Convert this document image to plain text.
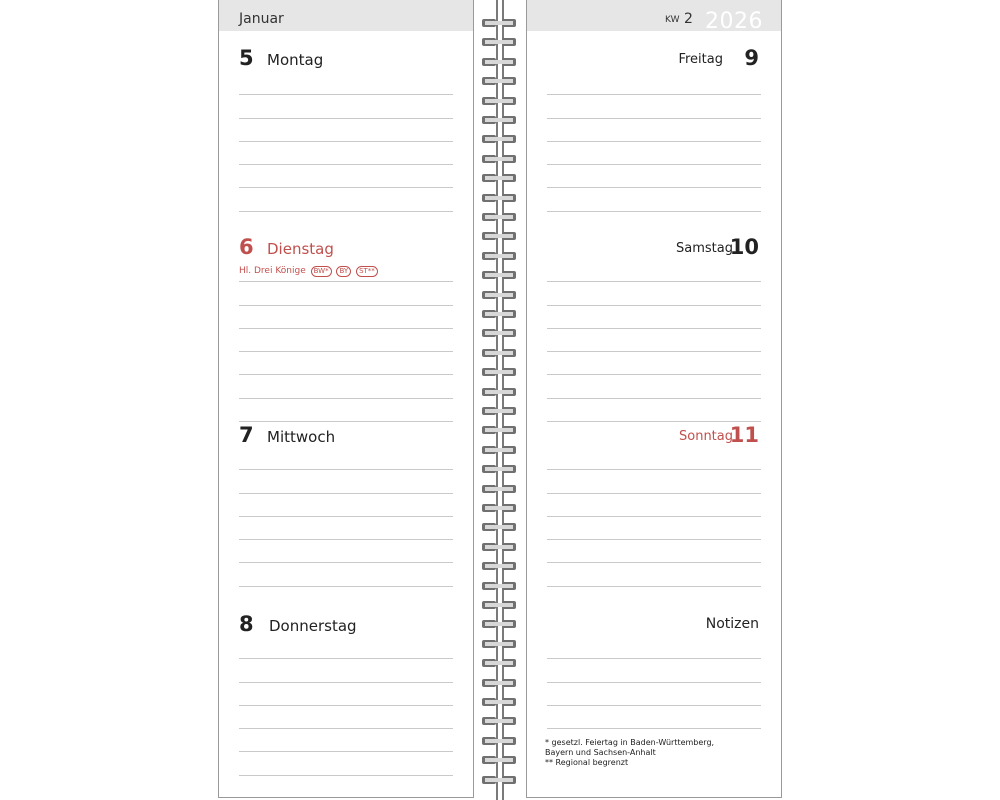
Januar
5 Montag
6 Dienstag
Hl. Drei Könige BW* BY ST**
7 Mittwoch
8 Donnerstag
KW 2 2026
Freitag 9
Samstag
10
Sonntag
11
Notizen
* gesetzl. Feiertag in Baden-Württemberg,
Bayern und Sachsen-Anhalt
** Regional begrenzt
